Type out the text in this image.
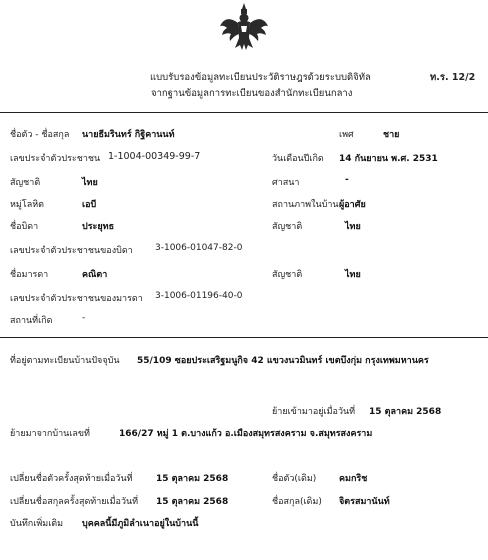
แบบรับรองข้อมูลทะเบียนประวัติราษฎรด้วยระบบดิจิทัล	ท.ร. 12/2
จากฐานข้อมูลการทะเบียนของสำนักทะเบียนกลาง
ชื่อตัว - ชื่อสกุล นายธีมรินทร์ กิฐิคานนท์	เพศ	ชาย
เลขประจำตัวประชาชน 1-1004-00349-99-7	วันเดือนปีเกิด 14 กันยายน พ.ศ. 2531
สัญชาติ	ไทย	ศาสนา	-
หมู่โลหิต	เอบี	สถานภาพในบ้าน ผู้อาศัย
ชื่อบิดา	ประยุทธ	สัญชาติ	ไทย
เลขประจำตัวประชาชนของบิดา 3-1006-01047-82-0
ชื่อมารดา	คณิตา	สัญชาติ	ไทย
เลขประจำตัวประชาชนของมารดา 3-1006-01196-40-0
สถานที่เกิด	-
ที่อยู่ตามทะเบียนบ้านปัจจุบัน 55/109 ซอยประเสริฐมนูกิจ 42 แขวงนวมินทร์ เขตบึงกุ่ม กรุงเทพมหานคร
ย้ายเข้ามาอยู่เมื่อวันที่ 15 ตุลาคม 2568
ย้ายมาจากบ้านเลขที่	166/27 หมู่ 1 ต.บางแก้ว อ.เมืองสมุทรสงคราม จ.สมุทรสงคราม
เปลี่ยนชื่อตัวครั้งสุดท้ายเมื่อวันที่	15 ตุลาคม 2568	ชื่อตัว(เดิม)	คมกริช
เปลี่ยนชื่อสกุลครั้งสุดท้ายเมื่อวันที่ 15 ตุลาคม 2568	ชื่อสกุล(เดิม) จิตรสมานันท์
บันทึกเพิ่มเติม บุคคลนี้มีภูมิลำเนาอยู่ในบ้านนี้
